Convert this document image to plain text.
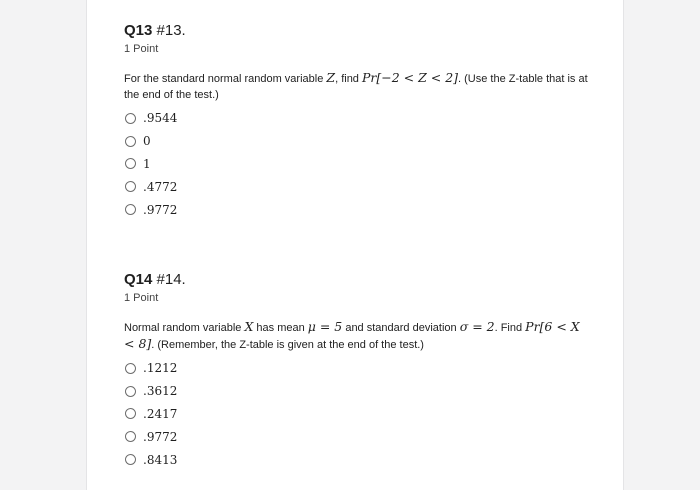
Q13 #13.
1 Point
For the standard normal random variable Z, find Pr[−2 < Z < 2]. (Use the Z-table that is at the end of the test.)
.9544
0
1
.4772
.9772
Q14 #14.
1 Point
Normal random variable X has mean μ = 5 and standard deviation σ = 2. Find Pr[6 < X < 8]. (Remember, the Z-table is given at the end of the test.)
.1212
.3612
.2417
.9772
.8413
